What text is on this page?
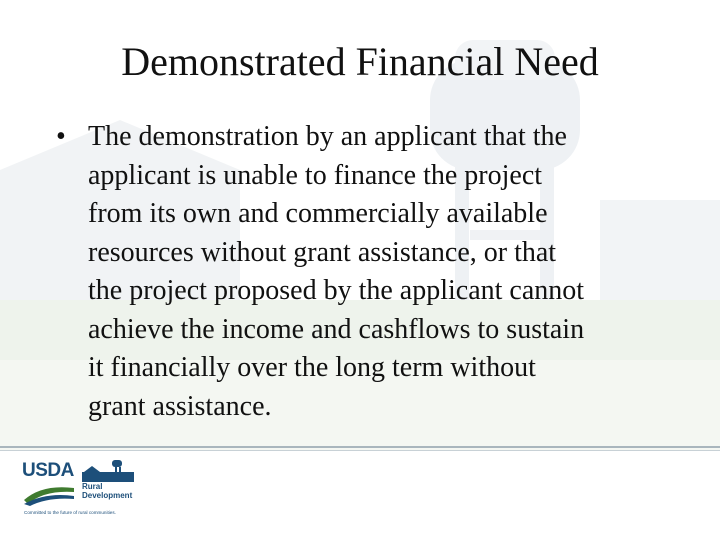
Demonstrated Financial Need
• The demonstration by an applicant that the
applicant is unable to finance the project
from its own and commercially available
resources without grant assistance, or that
the project proposed by the applicant cannot
achieve the income and cashflows to sustain
it financially over the long term without
grant assistance.
USDA
Rural
Development
Committed to the future of rural communities.
